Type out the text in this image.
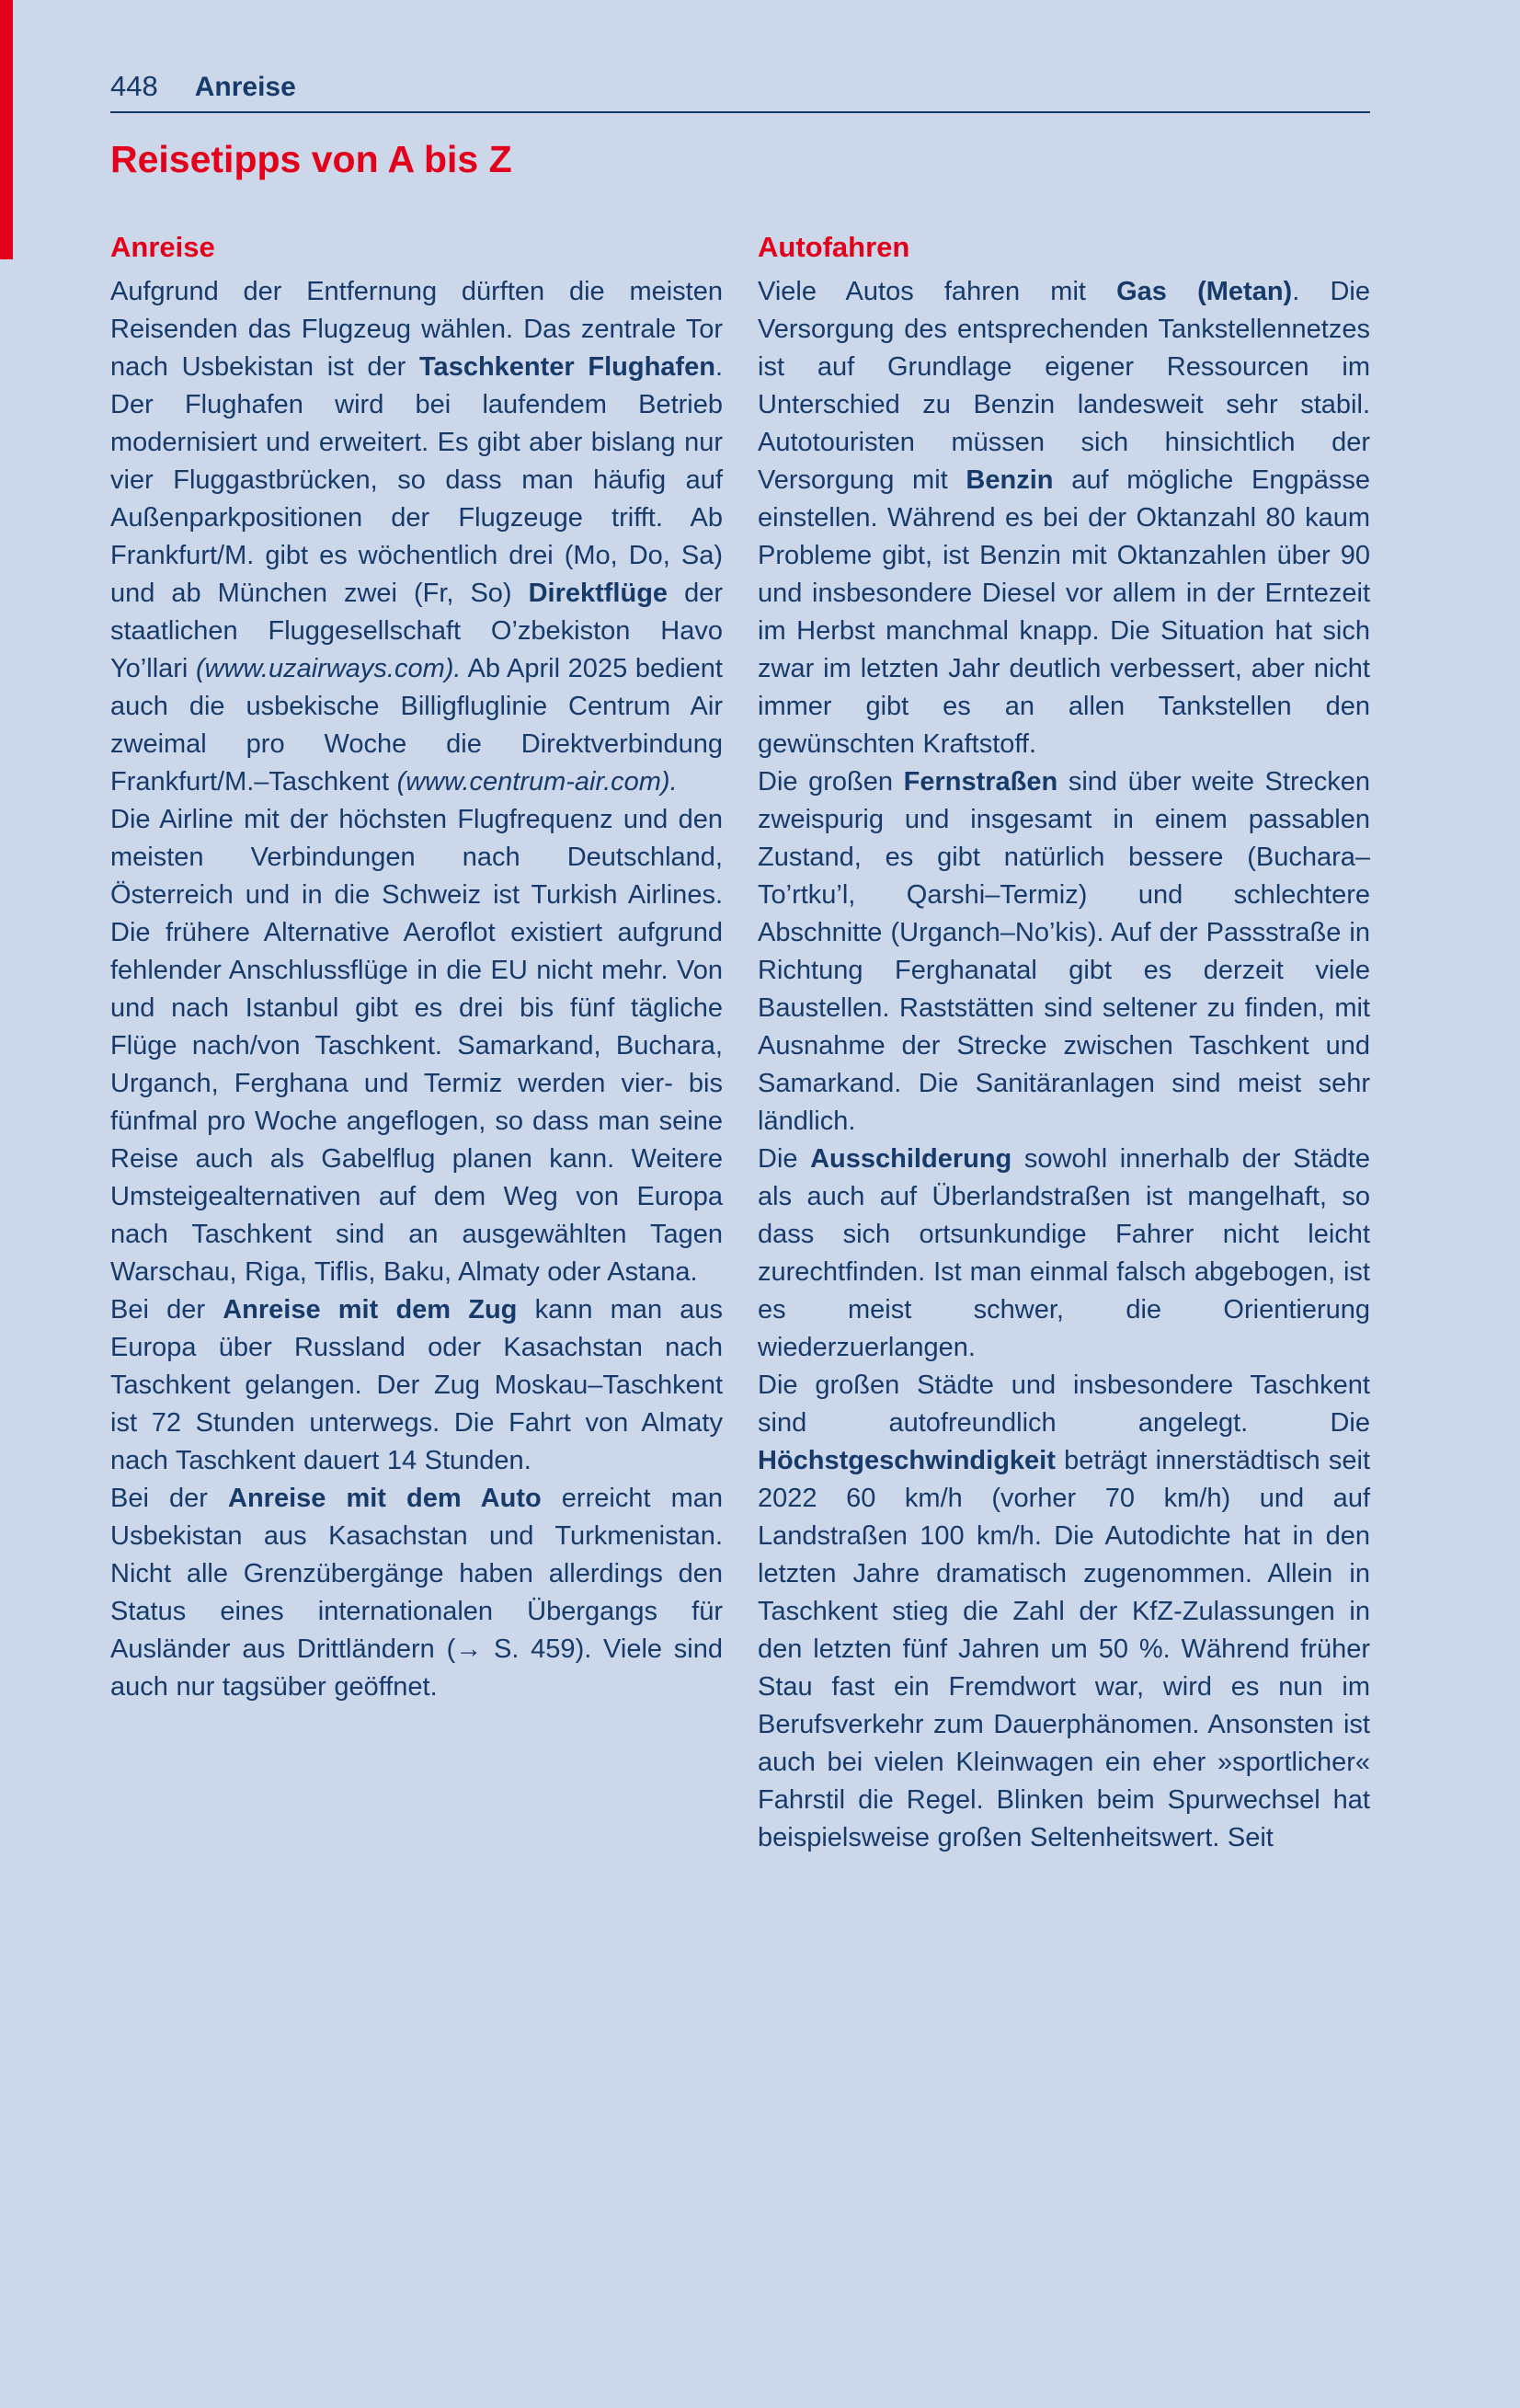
448 Anreise
Reisetipps von A bis Z
Anreise

Aufgrund der Entfernung dürften die meisten Reisenden das Flugzeug wählen. Das zentrale Tor nach Usbekistan ist der Taschkenter Flughafen. Der Flughafen wird bei laufendem Betrieb modernisiert und erweitert. Es gibt aber bislang nur vier Fluggastbrücken, so dass man häufig auf Außenparkpositionen der Flugzeuge trifft. Ab Frankfurt/M. gibt es wöchentlich drei (Mo, Do, Sa) und ab München zwei (Fr, So) Direktflüge der staatlichen Fluggesellschaft O’zbekiston Havo Yo’llari (www.uzairways.com). Ab April 2025 bedient auch die usbekische Billigfluglinie Centrum Air zweimal pro Woche die Direktverbindung Frankfurt/M.–Taschkent (www.centrum-air.com).

Die Airline mit der höchsten Flugfrequenz und den meisten Verbindungen nach Deutschland, Österreich und in die Schweiz ist Turkish Airlines. Die frühere Alternative Aeroflot existiert aufgrund fehlender Anschlussflüge in die EU nicht mehr. Von und nach Istanbul gibt es drei bis fünf tägliche Flüge nach/von Taschkent. Samarkand, Buchara, Urganch, Ferghana und Termiz werden vier- bis fünfmal pro Woche angeflogen, so dass man seine Reise auch als Gabelflug planen kann. Weitere Umsteigealternativen auf dem Weg von Europa nach Taschkent sind an ausgewählten Tagen Warschau, Riga, Tiflis, Baku, Almaty oder Astana.

Bei der Anreise mit dem Zug kann man aus Europa über Russland oder Kasachstan nach Taschkent gelangen. Der Zug Moskau–Taschkent ist 72 Stunden unterwegs. Die Fahrt von Almaty nach Taschkent dauert 14 Stunden.

Bei der Anreise mit dem Auto erreicht man Usbekistan aus Kasachstan und Turkmenistan. Nicht alle Grenzübergänge haben allerdings den Status eines internationalen Übergangs für Ausländer aus Drittländern (→ S. 459). Viele sind auch nur tagsüber geöffnet.

Autofahren

Viele Autos fahren mit Gas (Metan). Die Versorgung des entsprechenden Tankstellennetzes ist auf Grundlage eigener Ressourcen im Unterschied zu Benzin landesweit sehr stabil. Autotouristen müssen sich hinsichtlich der Versorgung mit Benzin auf mögliche Engpässe einstellen. Während es bei der Oktanzahl 80 kaum Probleme gibt, ist Benzin mit Oktanzahlen über 90 und insbesondere Diesel vor allem in der Erntezeit im Herbst manchmal knapp. Die Situation hat sich zwar im letzten Jahr deutlich verbessert, aber nicht immer gibt es an allen Tankstellen den gewünschten Kraftstoff.

Die großen Fernstraßen sind über weite Strecken zweispurig und insgesamt in einem passablen Zustand, es gibt natürlich bessere (Buchara–To’rtku’l, Qarshi–Termiz) und schlechtere Abschnitte (Urganch–No’kis). Auf der Passstraße in Richtung Ferghanatal gibt es derzeit viele Baustellen. Raststätten sind seltener zu finden, mit Ausnahme der Strecke zwischen Taschkent und Samarkand. Die Sanitäranlagen sind meist sehr ländlich.

Die Ausschilderung sowohl innerhalb der Städte als auch auf Überlandstraßen ist mangelhaft, so dass sich ortsunkundige Fahrer nicht leicht zurechtfinden. Ist man einmal falsch abgebogen, ist es meist schwer, die Orientierung wiederzuerlangen.

Die großen Städte und insbesondere Taschkent sind autofreundlich angelegt. Die Höchstgeschwindigkeit beträgt innerstädtisch seit 2022 60 km/h (vorher 70 km/h) und auf Landstraßen 100 km/h. Die Autodichte hat in den letzten Jahre dramatisch zugenommen. Allein in Taschkent stieg die Zahl der KfZ-Zulassungen in den letzten fünf Jahren um 50 %. Während früher Stau fast ein Fremdwort war, wird es nun im Berufsverkehr zum Dauerphänomen. Ansonsten ist auch bei vielen Kleinwagen ein eher »sportlicher« Fahrstil die Regel. Blinken beim Spurwechsel hat beispielsweise großen Seltenheitswert. Seit
